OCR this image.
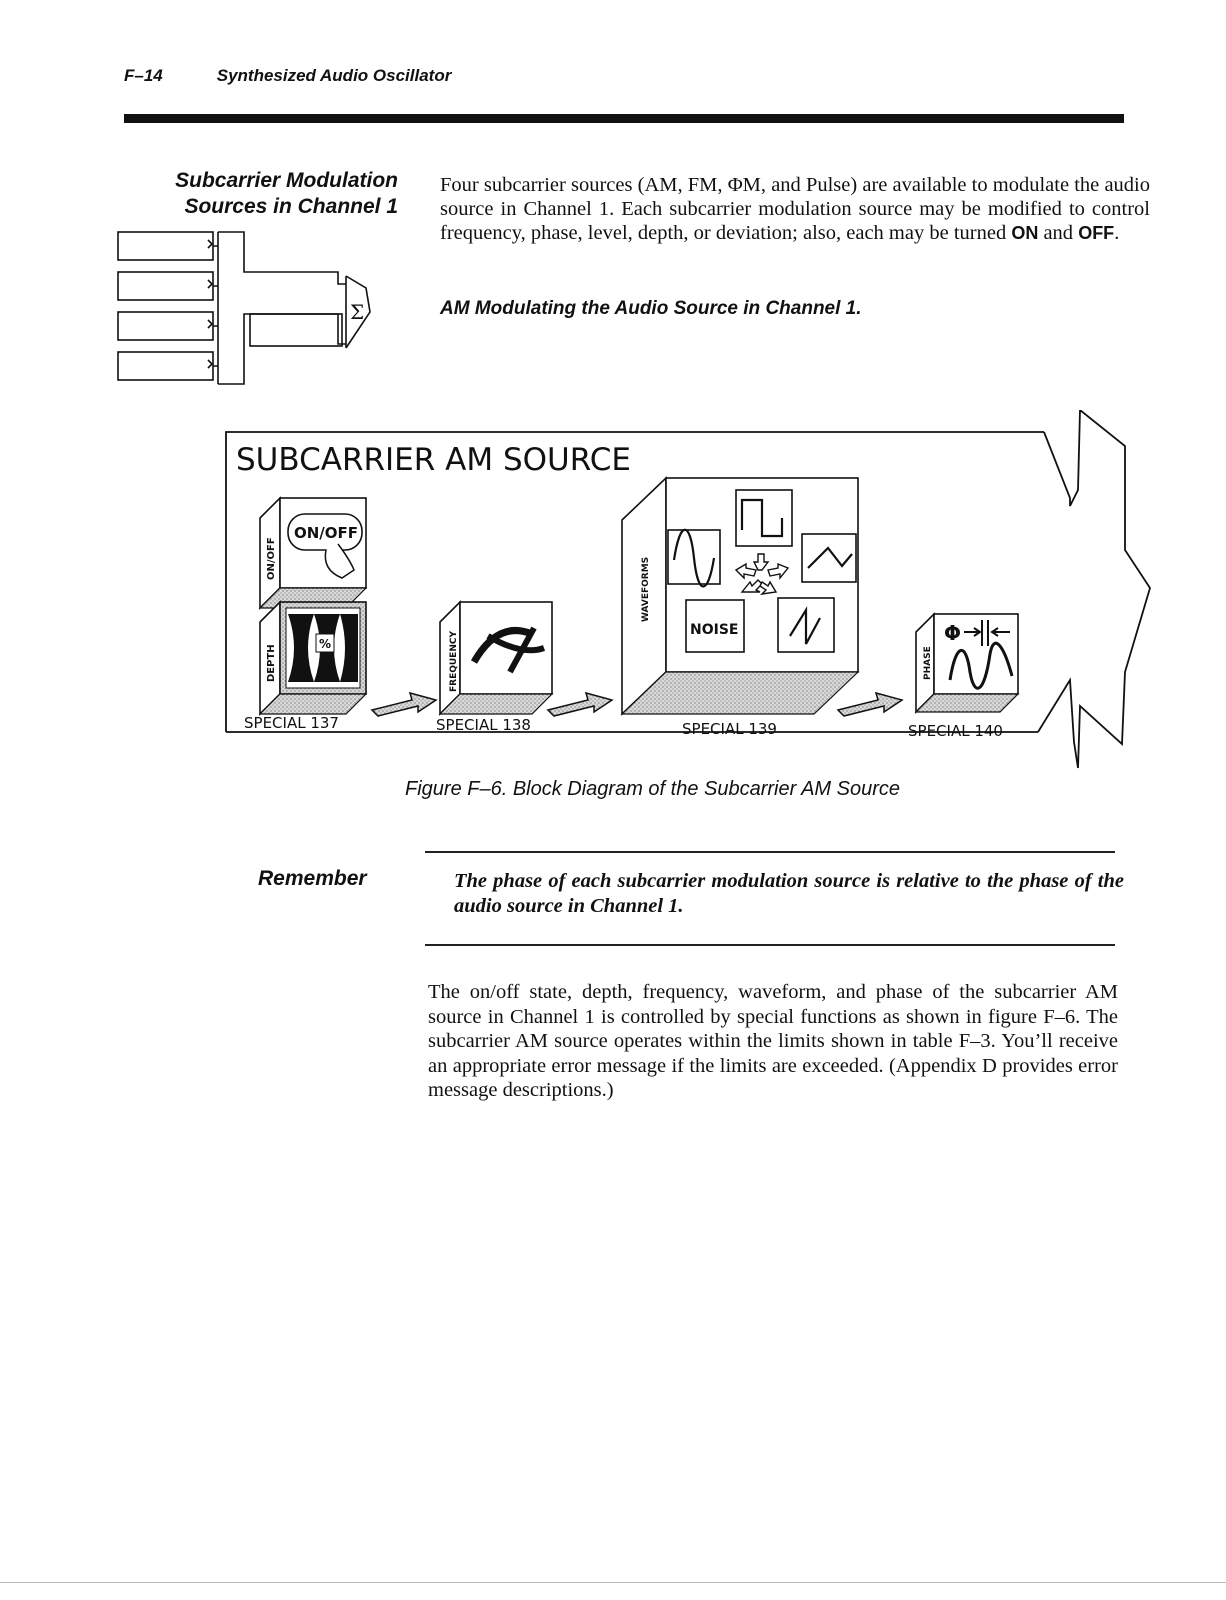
F–14	Synthesized Audio Oscillator
Subcarrier Modulation
Sources in Channel 1
Four subcarrier sources (AM, FM, ΦM, and Pulse) are available to modulate the audio source in Channel 1. Each subcarrier modulation source may be modified to control frequency, phase, level, depth, or deviation; also, each may be turned ON and OFF.
AM Modulating the Audio Source in Channel 1.
Σ
SUBCARRIER AM SOURCE
ON/OFF
ON/OFF
DEPTH
%	FREQUENCY
WAVEFORMS
NOISE
PHASE
Φ
SPECIAL 137	SPECIAL 138	SPECIAL 139	SPECIAL 140
Figure F–6. Block Diagram of the Subcarrier AM Source
Remember	The phase of each subcarrier modulation source is relative to the phase of the audio source in Channel 1.
The on/off state, depth, frequency, waveform, and phase of the subcarrier AM source in Channel 1 is controlled by special functions as shown in figure F–6. The subcarrier AM source operates within the limits shown in table F–3. You’ll receive an appropriate error message if the limits are exceeded. (Appendix D provides error message descriptions.)
